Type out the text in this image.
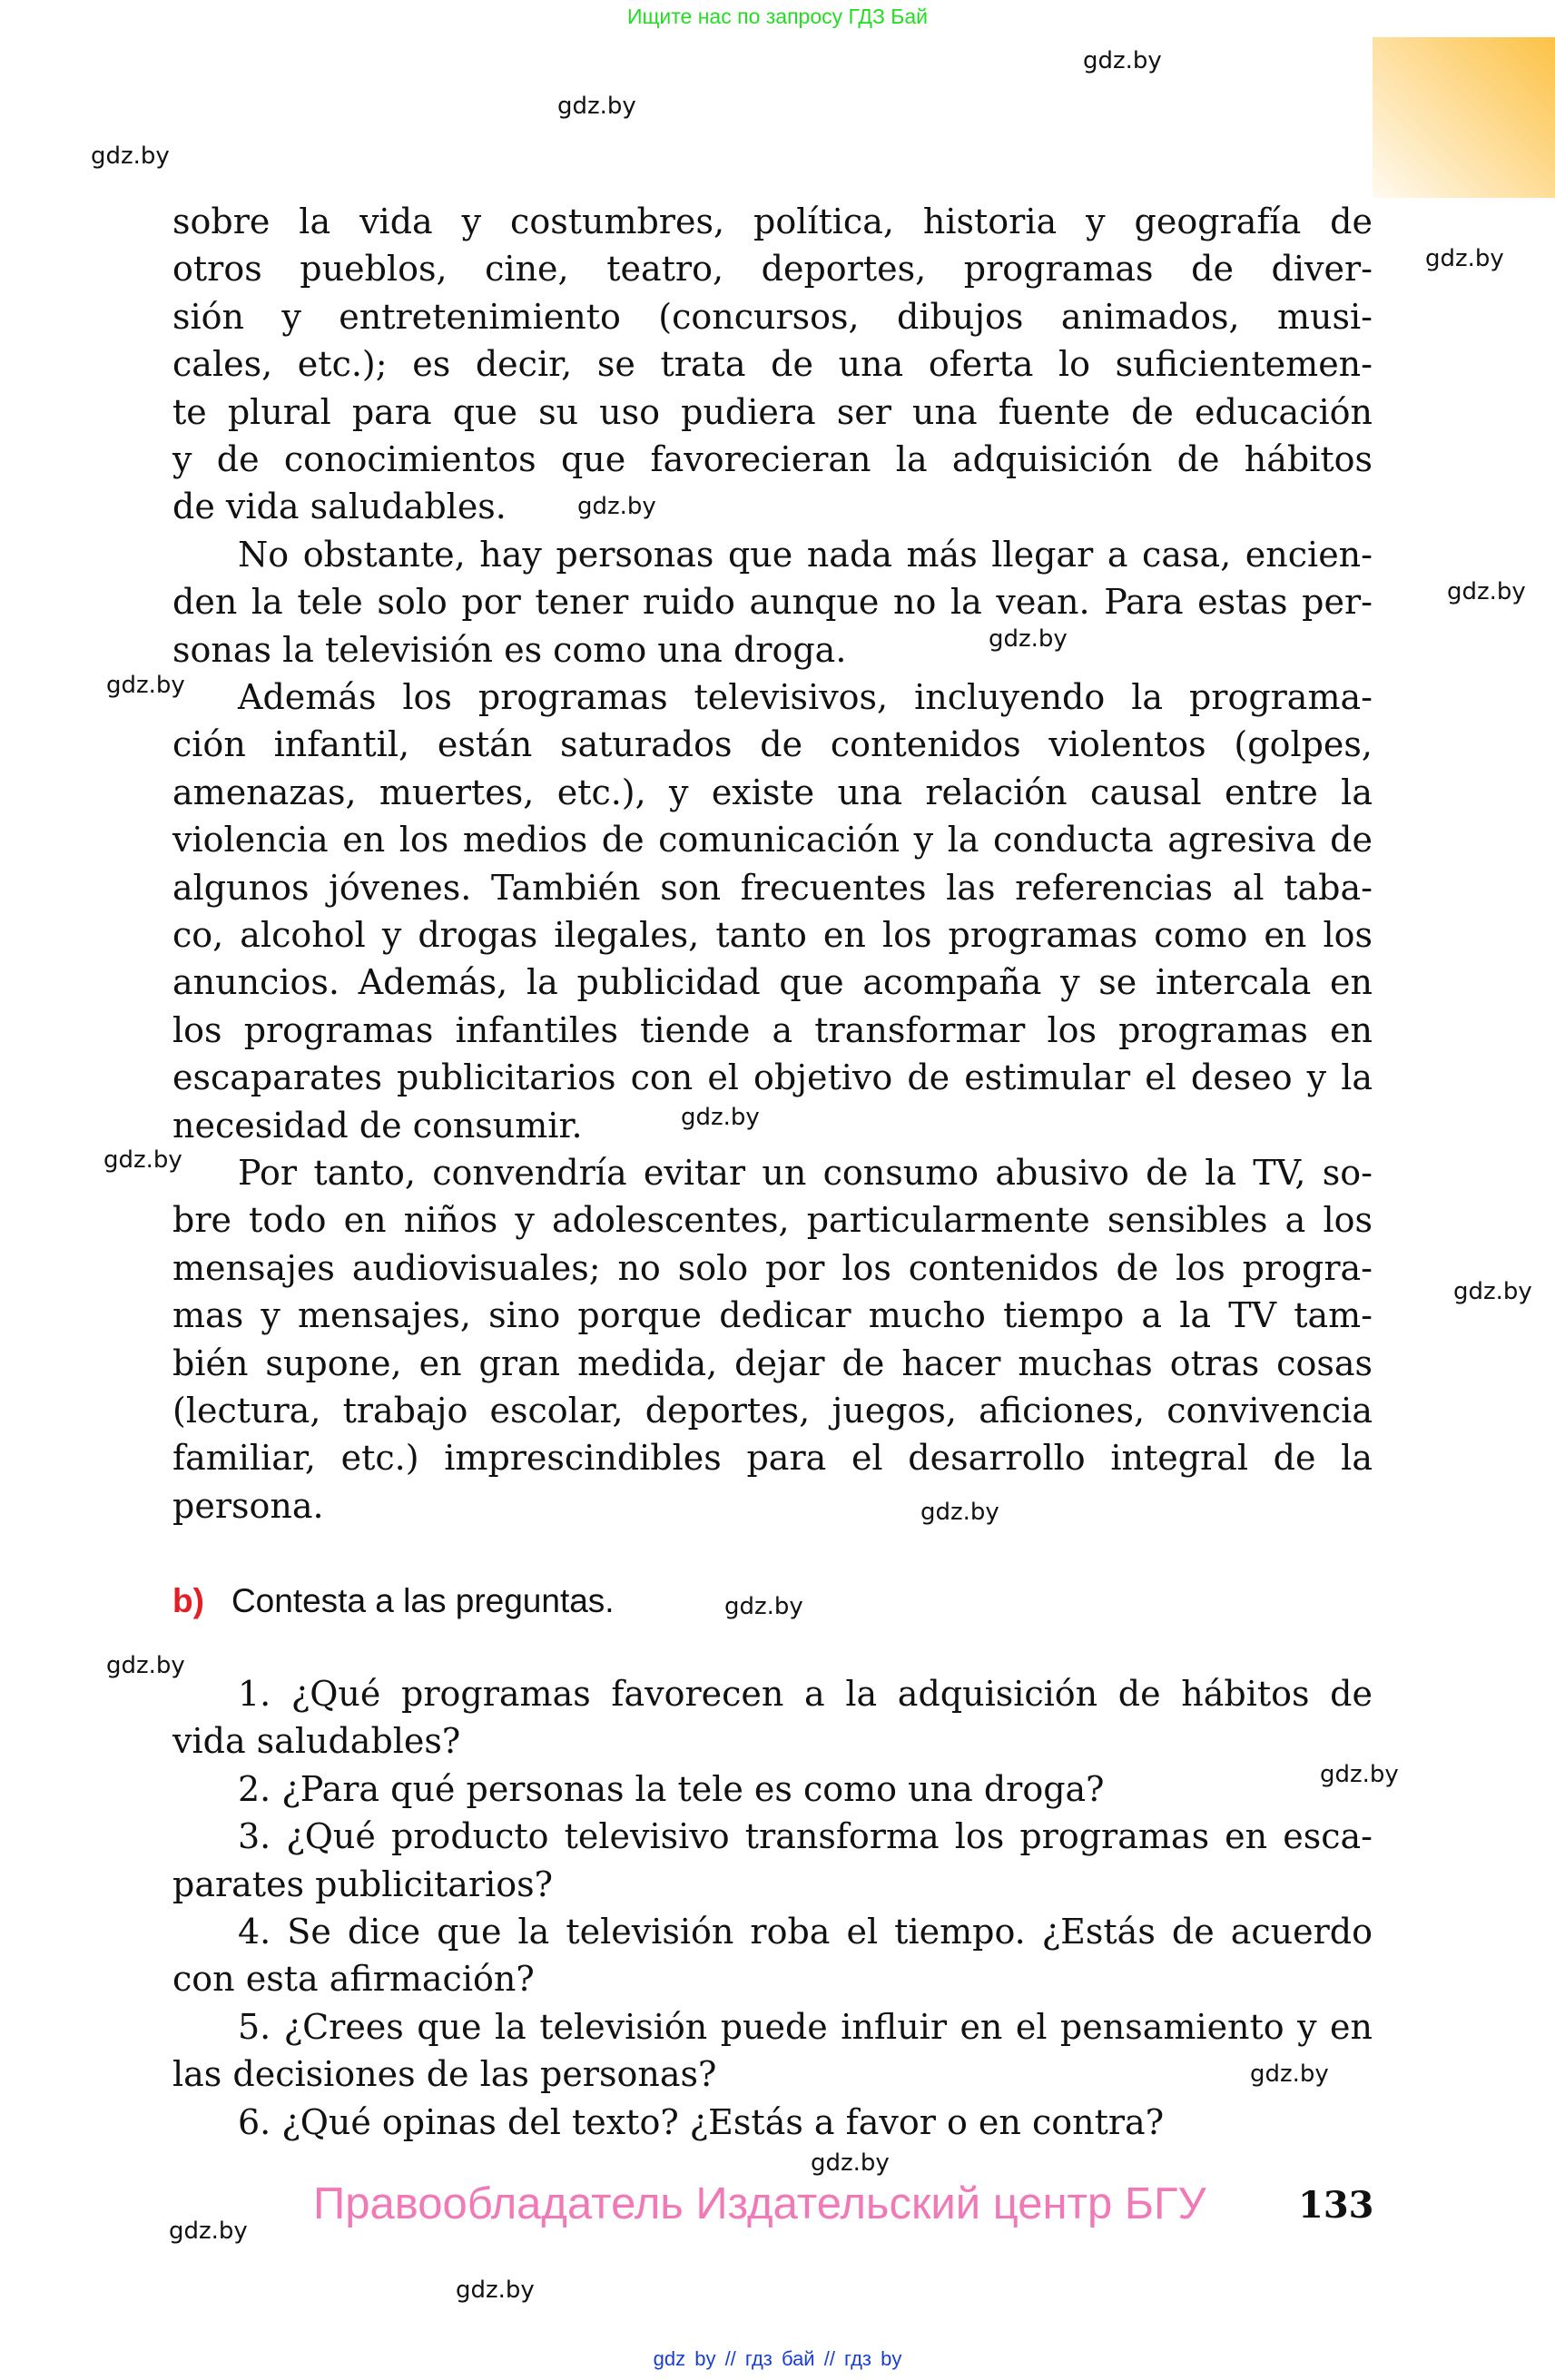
Ищите нас по запросу ГДЗ Бай
gdz.by
gdz.by
gdz.by
gdz.by
gdz.by
gdz.by
gdz.by
gdz.by
gdz.by
gdz.by
gdz.by
gdz.by
gdz.by
gdz.by
gdz.by
gdz.by
gdz.by
gdz.by
gdz.by
sobre la vida y costumbres, política, historia y geografía de
otros pueblos, cine, teatro, deportes, programas de diver-
sión y entretenimiento (concursos, dibujos animados, musi-
cales, etc.); es decir, se trata de una oferta lo suficientemen-
te plural para que su uso pudiera ser una fuente de educación
y de conocimientos que favorecieran la adquisición de hábitos
de vida saludables.
No obstante, hay personas que nada más llegar a casa, encien-
den la tele solo por tener ruido aunque no la vean. Para estas per-
sonas la televisión es como una droga.
Además los programas televisivos, incluyendo la programa-
ción infantil, están saturados de contenidos violentos (golpes,
amenazas, muertes, etc.), y existe una relación causal entre la
violencia en los medios de comunicación y la conducta agresiva de
algunos jóvenes. También son frecuentes las referencias al taba-
co, alcohol y drogas ilegales, tanto en los programas como en los
anuncios. Además, la publicidad que acompaña y se intercala en
los programas infantiles tiende a transformar los programas en
escaparates publicitarios con el objetivo de estimular el deseo y la
necesidad de consumir.
Por tanto, convendría evitar un consumo abusivo de la TV, so-
bre todo en niños y adolescentes, particularmente sensibles a los
mensajes audiovisuales; no solo por los contenidos de los progra-
mas y mensajes, sino porque dedicar mucho tiempo a la TV tam-
bién supone, en gran medida, dejar de hacer muchas otras cosas
(lectura, trabajo escolar, deportes, juegos, aficiones, convivencia
familiar, etc.) imprescindibles para el desarrollo integral de la
persona.
b) Contesta a las preguntas.
1. ¿Qué programas favorecen a la adquisición de hábitos de
vida saludables?
2. ¿Para qué personas la tele es como una droga?
3. ¿Qué producto televisivo transforma los programas en esca-
parates publicitarios?
4. Se dice que la televisión roba el tiempo. ¿Estás de acuerdo
con esta afirmación?
5. ¿Crees que la televisión puede influir en el pensamiento y en
las decisiones de las personas?
6. ¿Qué opinas del texto? ¿Estás a favor o en contra?
Правообладатель Издательский центр БГУ	133
gdz by // гдз бай // гдз by
